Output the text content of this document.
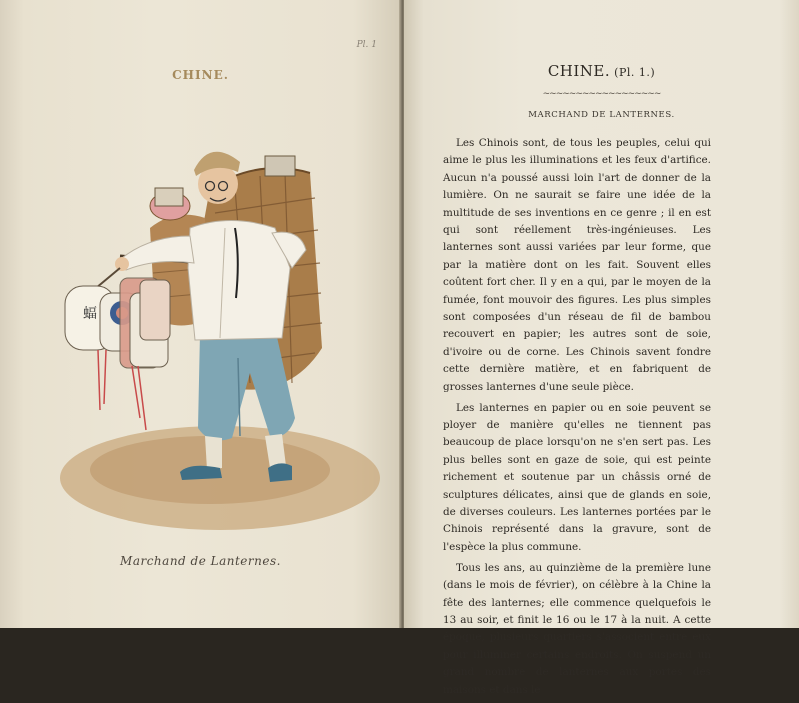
Pl. 1
CHINE.
蝠
Marchand de Lanternes.
CHINE. (Pl. 1.)
~~~~~~~~~~~~~~~~~~
MARCHAND DE LANTERNES.

Les Chinois sont, de tous les peuples, celui qui aime le plus les illuminations et les feux d'artifice. Aucun n'a poussé aussi loin l'art de donner de la lumière. On ne saurait se faire une idée de la multitude de ses inventions en ce genre ; il en est qui sont réellement très-ingénieuses. Les lanternes sont aussi variées par leur forme, que par la matière dont on les fait. Souvent elles coûtent fort cher. Il y en a qui, par le moyen de la fumée, font mouvoir des figures. Les plus simples sont composées d'un réseau de fil de bambou recouvert en papier; les autres sont de soie, d'ivoire ou de corne. Les Chinois savent fondre cette dernière matière, et en fabriquent de grosses lanternes d'une seule pièce.

Les lanternes en papier ou en soie peuvent se ployer de manière qu'elles ne tiennent pas beaucoup de place lorsqu'on ne s'en sert pas. Les plus belles sont en gaze de soie, qui est peinte richement et soutenue par un châssis orné de sculptures délicates, ainsi que de glands en soie, de diverses couleurs. Les lanternes portées par le Chinois représenté dans la gravure, sont de l'espèce la plus commune.

Tous les ans, au quinzième de la première lune (dans le mois de février), on célèbre à la Chine la fête des lanternes; elle commence quelquefois le 13 au soir, et finit le 16 ou le 17 à la nuit. A cette époque, plusieurs quartiers s'associent entre eux pour illuminer certains endroits. On suspend un grand nombre de lanternes aux portes des maisons et dans le
